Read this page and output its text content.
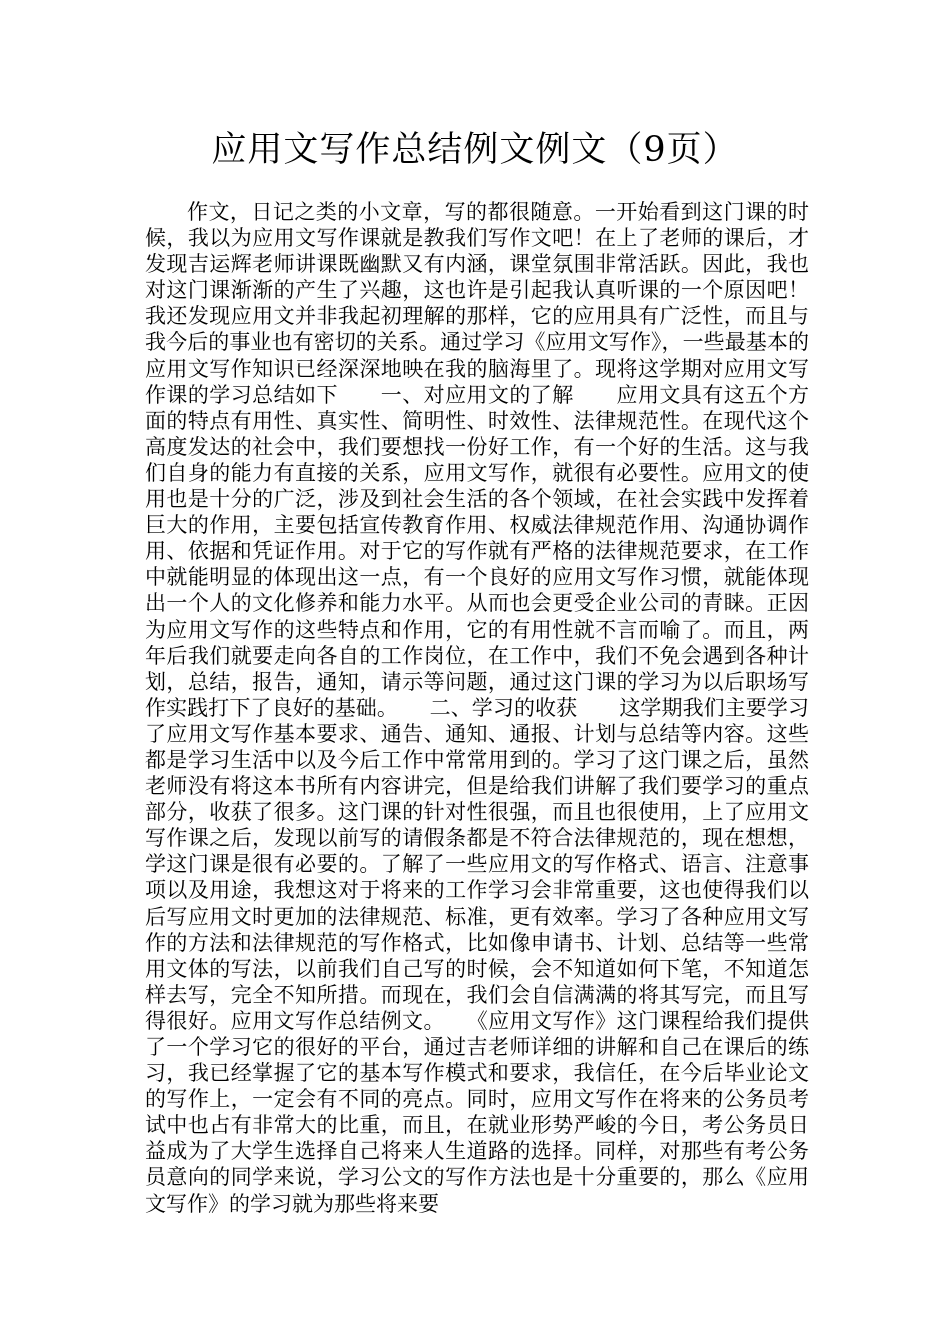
应用文写作总结例文例文（9页）

作文，日记之类的小文章，写的都很随意。一开始看到这门课的时候，我以为应用文写作课就是教我们写作文吧！在上了老师的课后，才发现吉运辉老师讲课既幽默又有内涵，课堂氛围非常活跃。因此，我也对这门课渐渐的产生了兴趣，这也许是引起我认真听课的一个原因吧！我还发现应用文并非我起初理解的那样，它的应用具有广泛性，而且与我今后的事业也有密切的关系。通过学习《应用文写作》，一些最基本的应用文写作知识已经深深地映在我的脑海里了。现将这学期对应用文写作课的学习总结如下　　一、对应用文的了解　　应用文具有这五个方面的特点有用性、真实性、简明性、时效性、法律规范性。在现代这个高度发达的社会中，我们要想找一份好工作，有一个好的生活。这与我们自身的能力有直接的关系，应用文写作，就很有必要性。应用文的使用也是十分的广泛，涉及到社会生活的各个领域，在社会实践中发挥着巨大的作用，主要包括宣传教育作用、权威法律规范作用、沟通协调作用、依据和凭证作用。对于它的写作就有严格的法律规范要求，在工作中就能明显的体现出这一点，有一个良好的应用文写作习惯，就能体现出一个人的文化修养和能力水平。从而也会更受企业公司的青睐。正因为应用文写作的这些特点和作用，它的有用性就不言而喻了。而且，两年后我们就要走向各自的工作岗位，在工作中，我们不免会遇到各种计划，总结，报告，通知，请示等问题，通过这门课的学习为以后职场写作实践打下了良好的基础。　　二、学习的收获　　这学期我们主要学习了应用文写作基本要求、通告、通知、通报、计划与总结等内容。这些都是学习生活中以及今后工作中常常用到的。学习了这门课之后，虽然老师没有将这本书所有内容讲完，但是给我们讲解了我们要学习的重点部分，收获了很多。这门课的针对性很强，而且也很使用，上了应用文写作课之后，发现以前写的请假条都是不符合法律规范的，现在想想，学这门课是很有必要的。了解了一些应用文的写作格式、语言、注意事项以及用途，我想这对于将来的工作学习会非常重要，这也使得我们以后写应用文时更加的法律规范、标准，更有效率。学习了各种应用文写作的方法和法律规范的写作格式，比如像申请书、计划、总结等一些常用文体的写法，以前我们自己写的时候，会不知道如何下笔，不知道怎样去写，完全不知所措。而现在，我们会自信满满的将其写完，而且写得很好。应用文写作总结例文。　　《应用文写作》这门课程给我们提供了一个学习它的很好的平台，通过吉老师详细的讲解和自己在课后的练习，我已经掌握了它的基本写作模式和要求，我信任，在今后毕业论文的写作上，一定会有不同的亮点。同时，应用文写作在将来的公务员考试中也占有非常大的比重，而且，在就业形势严峻的今日，考公务员日益成为了大学生选择自己将来人生道路的选择。同样，对那些有考公务员意向的同学来说，学习公文的写作方法也是十分重要的，那么《应用文写作》的学习就为那些将来要
